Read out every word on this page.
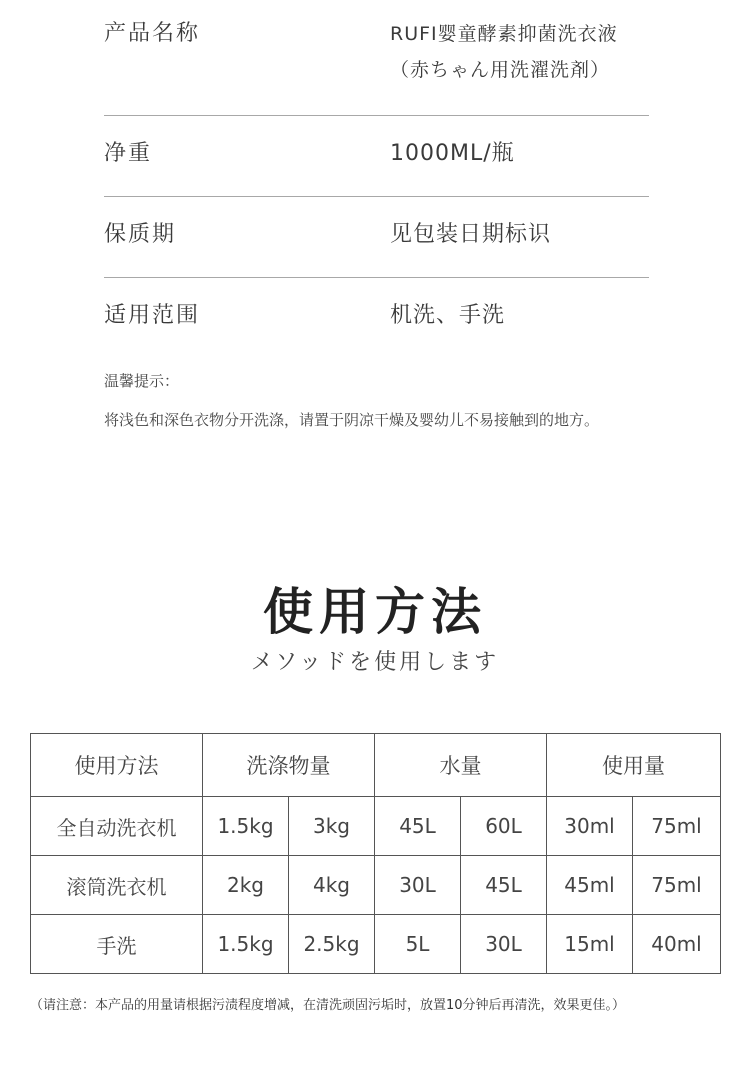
产品名称	RUFI婴童酵素抑菌洗衣液
（赤ちゃん用洗濯洗剤）
净重	1000ML/瓶
保质期	见包装日期标识
适用范围	机洗、手洗
温馨提示：
将浅色和深色衣物分开洗涤，请置于阴凉干燥及婴幼儿不易接触到的地方。
使用方法
メソッドを使用します
使用方法	洗涤物量		水量		使用量	
全自动洗衣机	1.5kg	3kg	45L	60L	30ml	75ml
滚筒洗衣机	2kg	4kg	30L	45L	45ml	75ml
手洗	1.5kg	2.5kg	5L	30L	15ml	40ml
（请注意：本产品的用量请根据污渍程度增减，在清洗顽固污垢时，放置10分钟后再清洗，效果更佳。）
